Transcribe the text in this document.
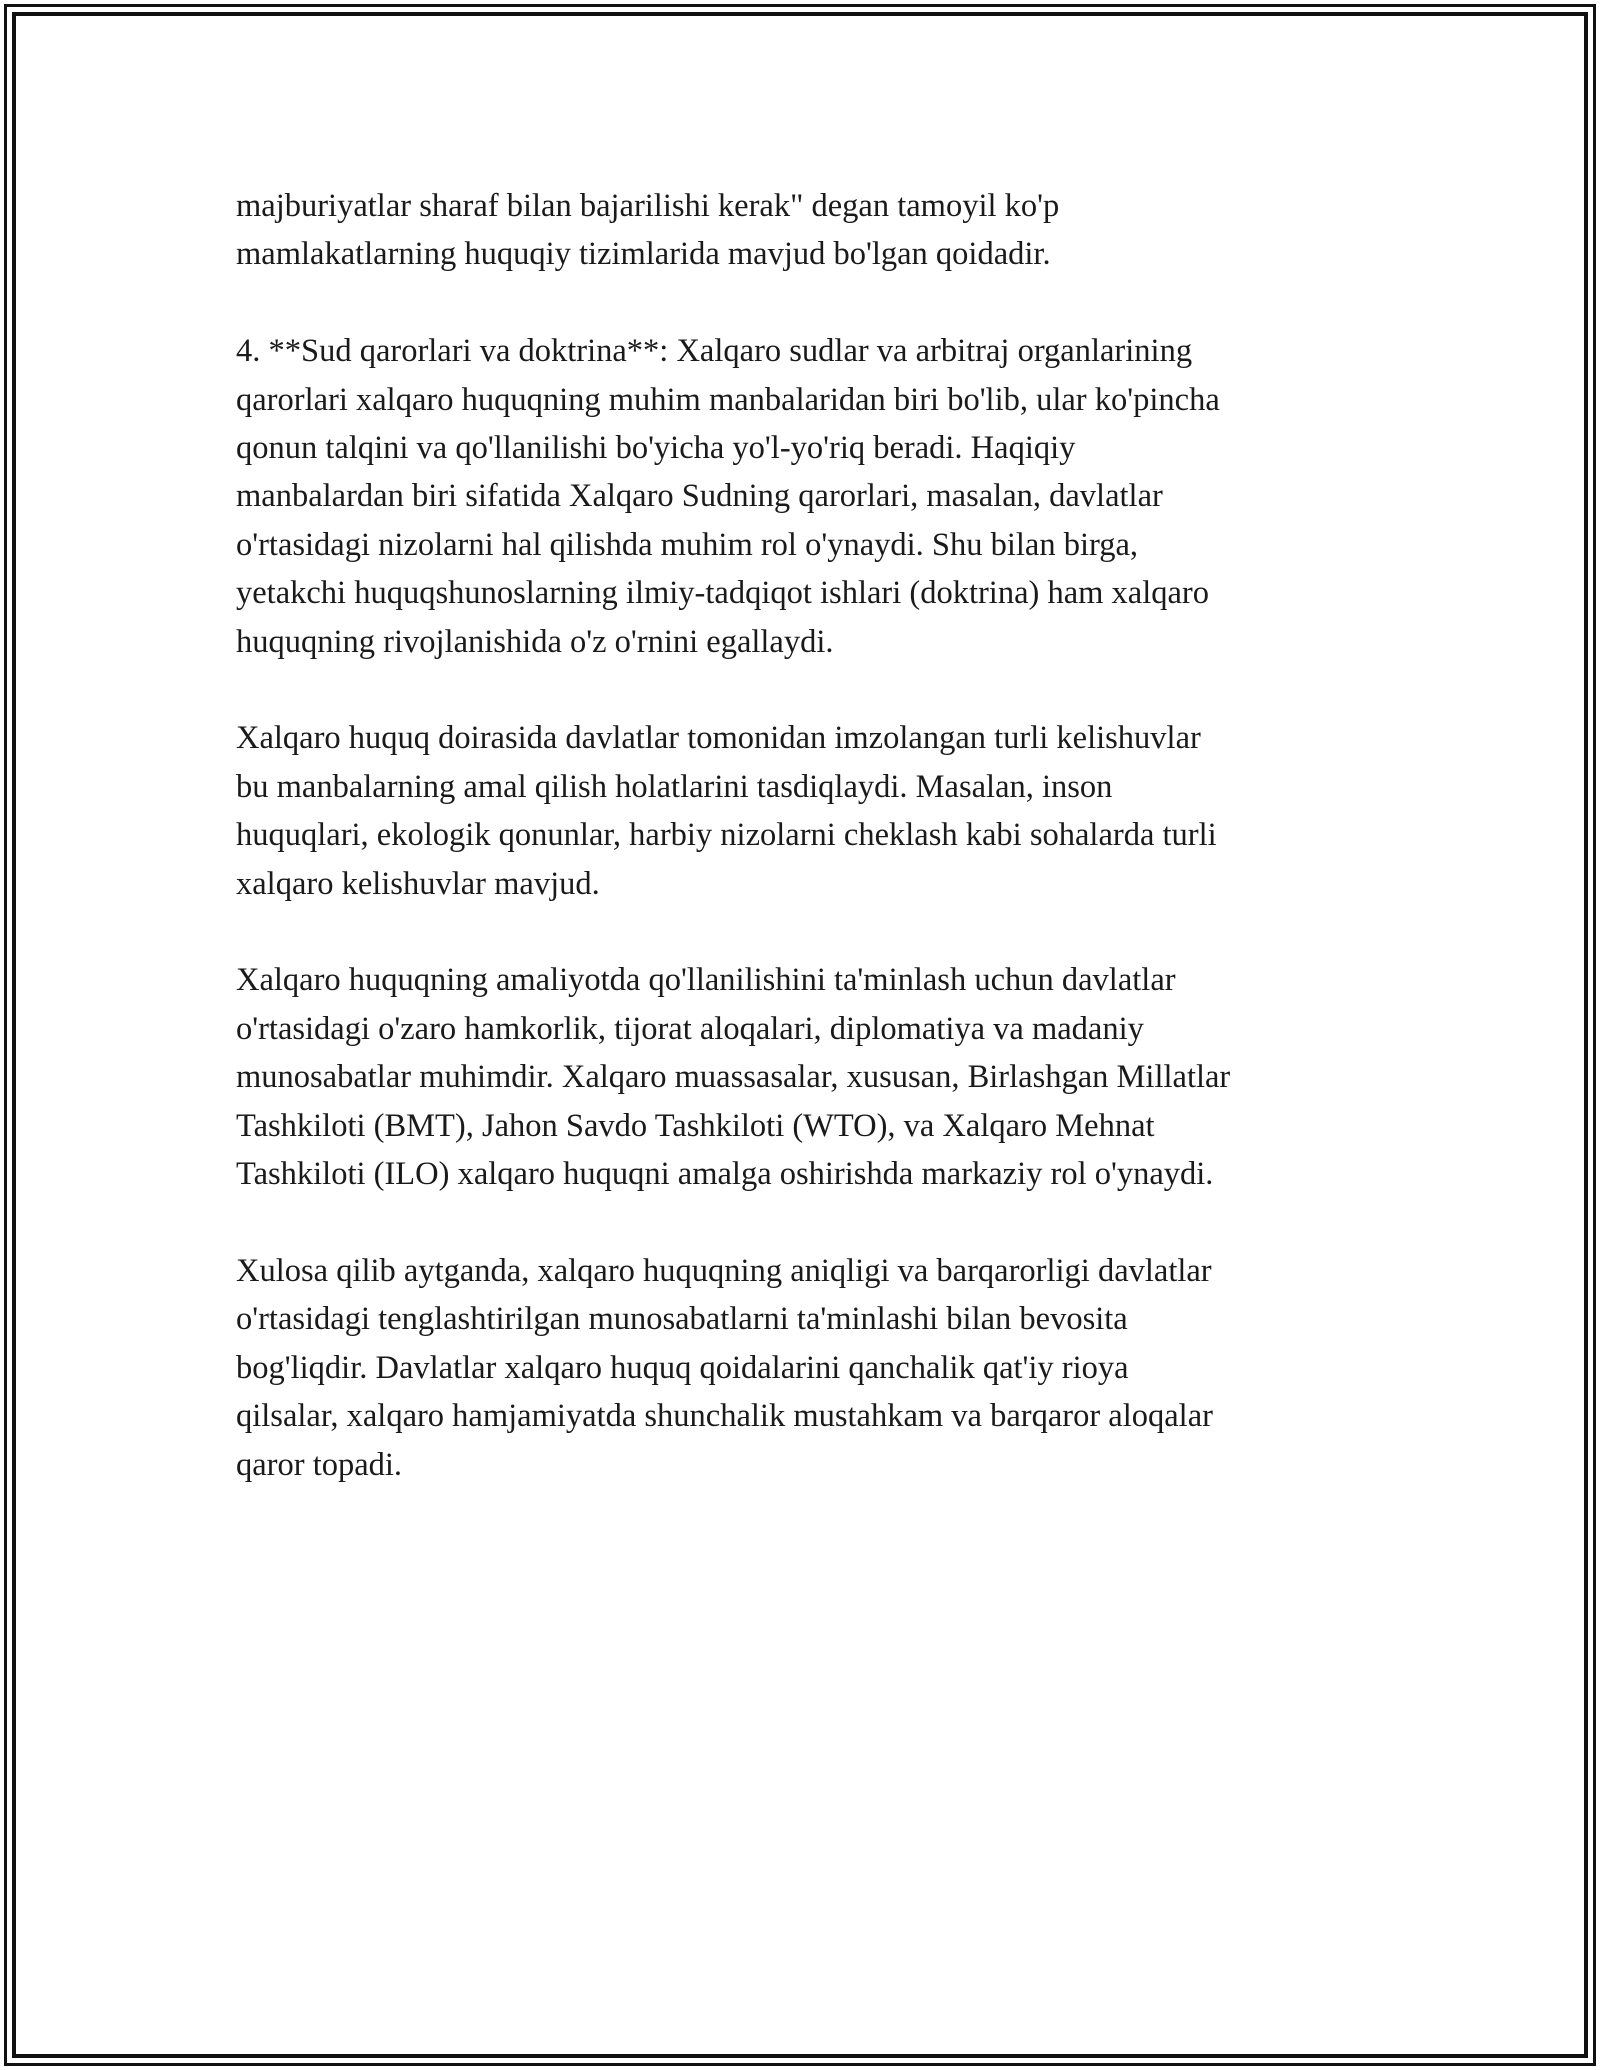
majburiyatlar sharaf bilan bajarilishi kerak" degan tamoyil ko'p
mamlakatlarning huquqiy tizimlarida mavjud bo'lgan qoidadir.

4. **Sud qarorlari va doktrina**: Xalqaro sudlar va arbitraj organlarining
qarorlari xalqaro huquqning muhim manbalaridan biri bo'lib, ular ko'pincha
qonun talqini va qo'llanilishi bo'yicha yo'l-yo'riq beradi. Haqiqiy
manbalardan biri sifatida Xalqaro Sudning qarorlari, masalan, davlatlar
o'rtasidagi nizolarni hal qilishda muhim rol o'ynaydi. Shu bilan birga,
yetakchi huquqshunoslarning ilmiy-tadqiqot ishlari (doktrina) ham xalqaro
huquqning rivojlanishida o'z o'rnini egallaydi.

Xalqaro huquq doirasida davlatlar tomonidan imzolangan turli kelishuvlar
bu manbalarning amal qilish holatlarini tasdiqlaydi. Masalan, inson
huquqlari, ekologik qonunlar, harbiy nizolarni cheklash kabi sohalarda turli
xalqaro kelishuvlar mavjud.

Xalqaro huquqning amaliyotda qo'llanilishini ta'minlash uchun davlatlar
o'rtasidagi o'zaro hamkorlik, tijorat aloqalari, diplomatiya va madaniy
munosabatlar muhimdir. Xalqaro muassasalar, xususan, Birlashgan Millatlar
Tashkiloti (BMT), Jahon Savdo Tashkiloti (WTO), va Xalqaro Mehnat
Tashkiloti (ILO) xalqaro huquqni amalga oshirishda markaziy rol o'ynaydi.

Xulosa qilib aytganda, xalqaro huquqning aniqligi va barqarorligi davlatlar
o'rtasidagi tenglashtirilgan munosabatlarni ta'minlashi bilan bevosita
bog'liqdir. Davlatlar xalqaro huquq qoidalarini qanchalik qat'iy rioya
qilsalar, xalqaro hamjamiyatda shunchalik mustahkam va barqaror aloqalar
qaror topadi.
